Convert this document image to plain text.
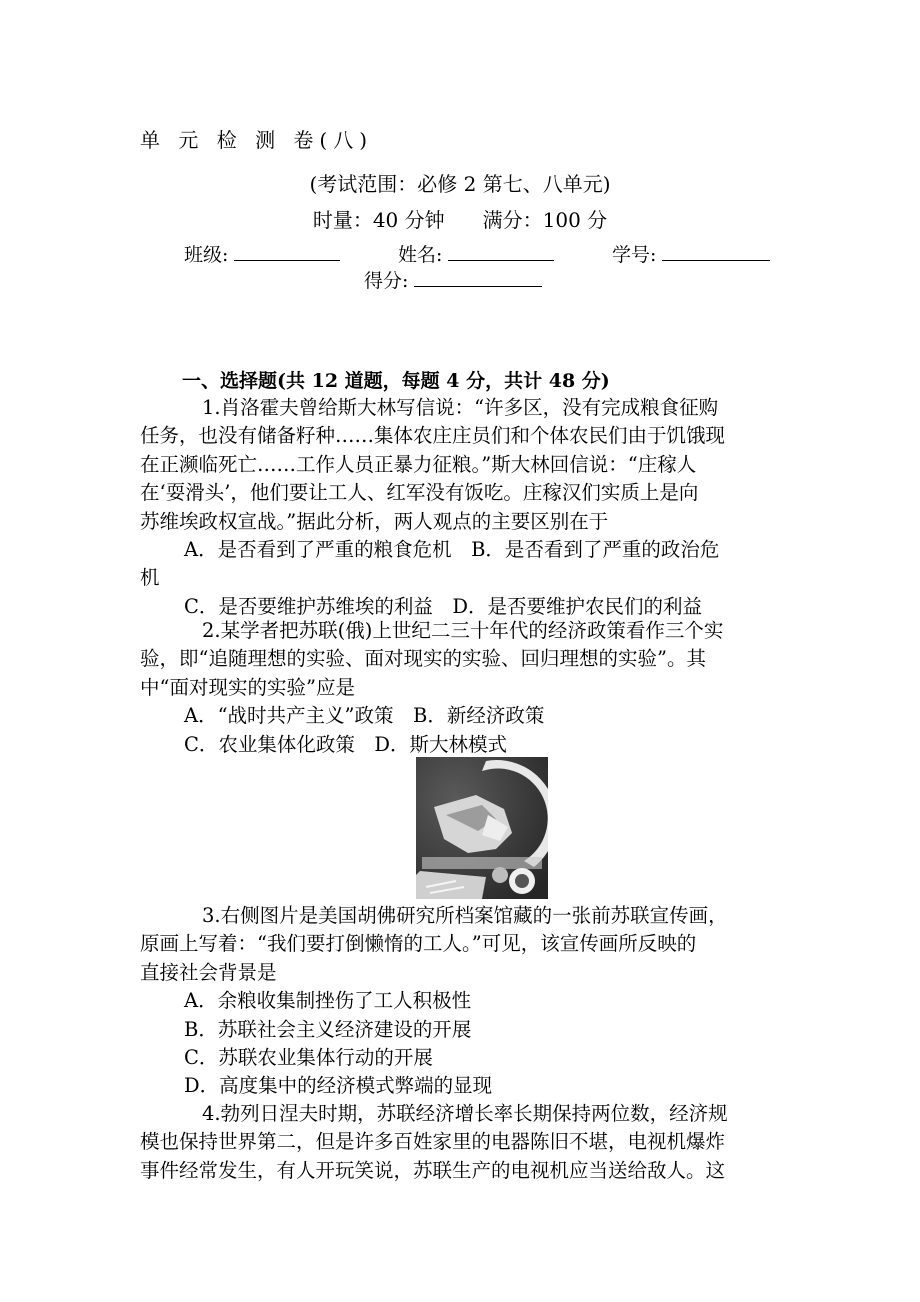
单 元 检 测 卷(八)
(考试范围：必修 2 第七、八单元)
时量：40 分钟 满分：100 分
班级:	姓名:	学号:
得分:
一、选择题(共 12 道题，每题 4 分，共计 48 分)
1.肖洛霍夫曾给斯大林写信说：“许多区，没有完成粮食征购
任务，也没有储备籽种……集体农庄庄员们和个体农民们由于饥饿现
在正濒临死亡……工作人员正暴力征粮。”斯大林回信说：“庄稼人
在‘耍滑头’，他们要让工人、红军没有饭吃。庄稼汉们实质上是向
苏维埃政权宣战。”据此分析，两人观点的主要区别在于
A．是否看到了严重的粮食危机　B．是否看到了严重的政治危
机
C．是否要维护苏维埃的利益　D．是否要维护农民们的利益
2.某学者把苏联(俄)上世纪二三十年代的经济政策看作三个实
验，即“追随理想的实验、面对现实的实验、回归理想的实验”。其
中“面对现实的实验”应是
A．“战时共产主义”政策　B．新经济政策
C．农业集体化政策　D．斯大林模式
3.右侧图片是美国胡佛研究所档案馆藏的一张前苏联宣传画，
原画上写着：“我们要打倒懒惰的工人。”可见，该宣传画所反映的
直接社会背景是
A．余粮收集制挫伤了工人积极性
B．苏联社会主义经济建设的开展
C．苏联农业集体行动的开展
D．高度集中的经济模式弊端的显现
4.勃列日涅夫时期，苏联经济增长率长期保持两位数，经济规
模也保持世界第二，但是许多百姓家里的电器陈旧不堪，电视机爆炸
事件经常发生，有人开玩笑说，苏联生产的电视机应当送给敌人。这
